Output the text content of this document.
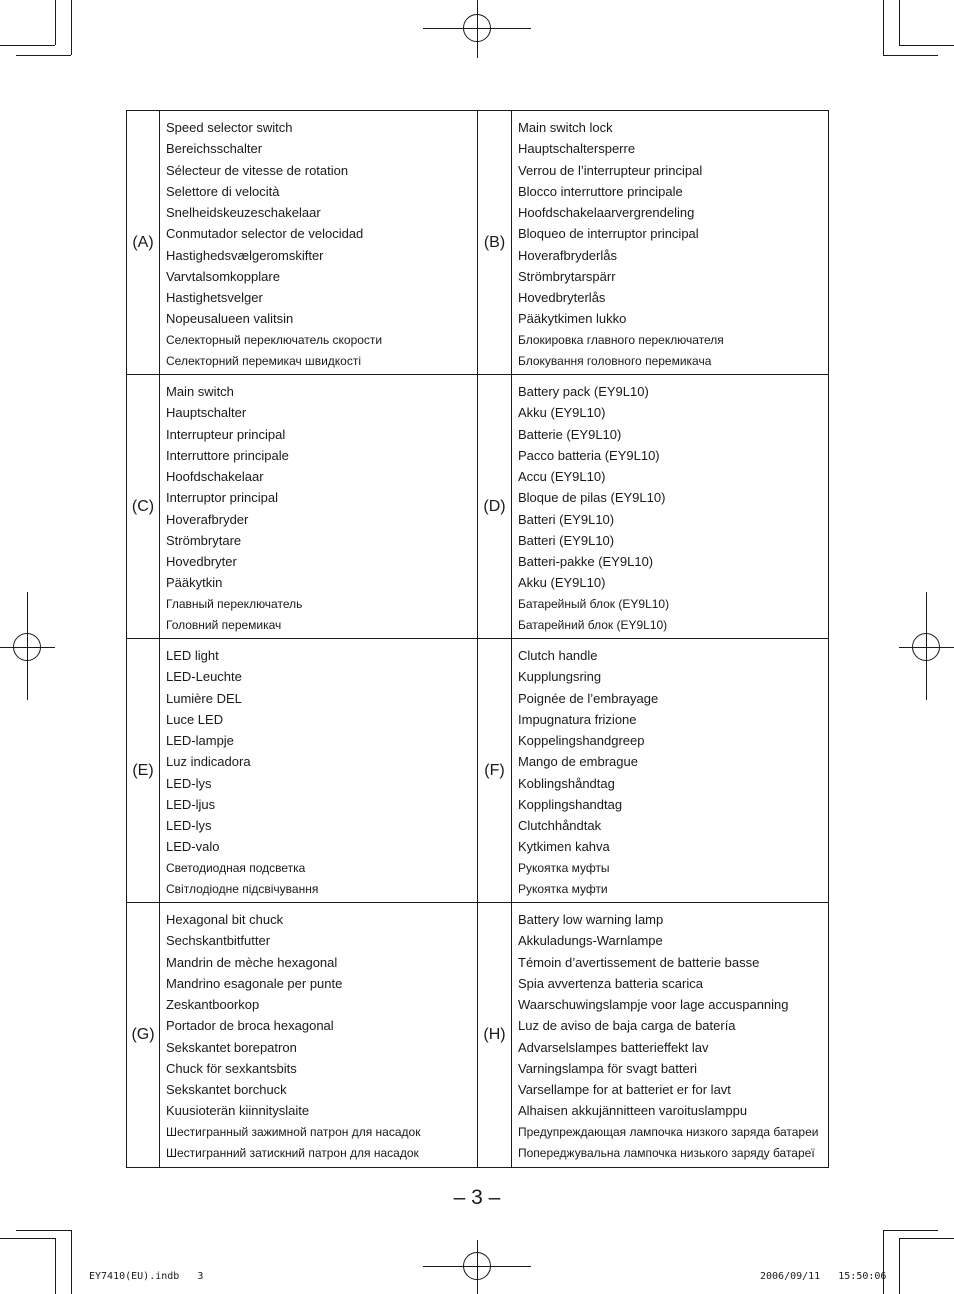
(A)
Speed selector switch
Bereichsschalter
Sélecteur de vitesse de rotation
Selettore di velocità
Snelheidskeuzeschakelaar
Conmutador selector de velocidad
Hastighedsvælgeromskifter
Varvtalsomkopplare
Hastighetsvelger
Nopeusalueen valitsin
Селекторный переключатель скорости
Селекторний перемикач швидкості
(B)
Main switch lock
Hauptschaltersperre
Verrou de l’interrupteur principal
Blocco interruttore principale
Hoofdschakelaarvergrendeling
Bloqueo de interruptor principal
Hoverafbryderlås
Strömbrytarspärr
Hovedbryterlås
Pääkytkimen lukko
Блокировка главного переключателя
Блокування головного перемикача
(C)
Main switch
Hauptschalter
Interrupteur principal
Interruttore principale
Hoofdschakelaar
Interruptor principal
Hoverafbryder
Strömbrytare
Hovedbryter
Pääkytkin
Главный переключатель
Головний перемикач
(D)
Battery pack (EY9L10)
Akku (EY9L10)
Batterie (EY9L10)
Pacco batteria (EY9L10)
Accu (EY9L10)
Bloque de pilas (EY9L10)
Batteri (EY9L10)
Batteri (EY9L10)
Batteri-pakke (EY9L10)
Akku (EY9L10)
Батарейный блок (EY9L10)
Батарейний блок (EY9L10)
(E)
LED light
LED-Leuchte
Lumière DEL
Luce LED
LED-lampje
Luz indicadora
LED-lys
LED-ljus
LED-lys
LED-valo
Светодиодная подсветка
Світлодіодне підсвічування
(F)
Clutch handle
Kupplungsring
Poignée de l’embrayage
Impugnatura frizione
Koppelingshandgreep
Mango de embrague
Koblingshåndtag
Kopplingshandtag
Clutchhåndtak
Kytkimen kahva
Рукоятка муфты
Рукоятка муфти
(G)
Hexagonal bit chuck
Sechskantbitfutter
Mandrin de mèche hexagonal
Mandrino esagonale per punte
Zeskantboorkop
Portador de broca hexagonal
Sekskantet borepatron
Chuck för sexkantsbits
Sekskantet borchuck
Kuusioterän kiinnityslaite
Шестигранный зажимной патрон для насадок
Шестигранний затискний патрон для насадок
(H)
Battery low warning lamp
Akkuladungs-Warnlampe
Témoin d’avertissement de batterie basse
Spia avvertenza batteria scarica
Waarschuwingslampje voor lage accuspanning
Luz de aviso de baja carga de batería
Advarselslampes batterieffekt lav
Varningslampa för svagt batteri
Varsellampe for at batteriet er for lavt
Alhaisen akkujännitteen varoituslamppu
Предупреждающая лампочка низкого заряда батареи
Попереджувальна лампочка низького заряду батареї
– 3 –
EY7410(EU).indb   3	2006/09/11   15:50:06
